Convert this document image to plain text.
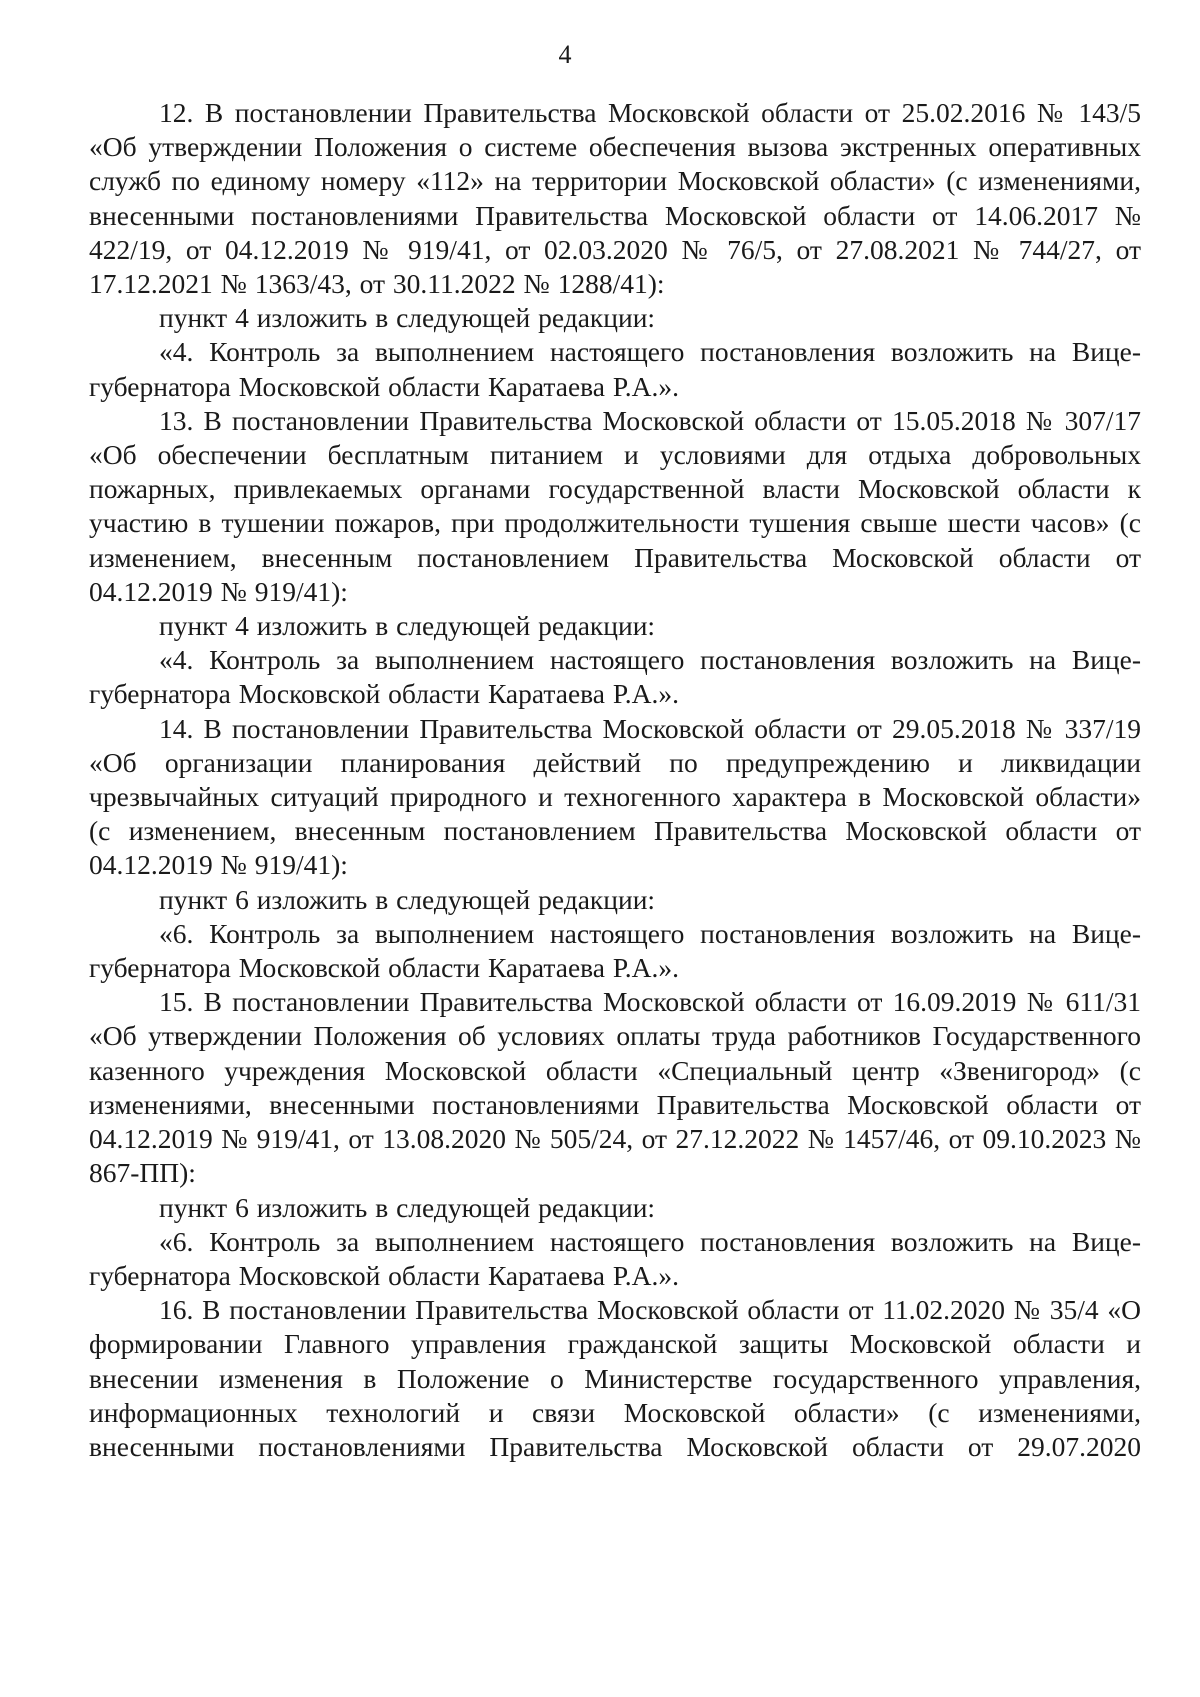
4

12. В постановлении Правительства Московской области от 25.02.2016 № 143/5 «Об утверждении Положения о системе обеспечения вызова экстренных оперативных служб по единому номеру «112» на территории Московской области» (с изменениями, внесенными постановлениями Правительства Московской области от 14.06.2017 № 422/19, от 04.12.2019 № 919/41, от 02.03.2020 № 76/5, от 27.08.2021 № 744/27, от 17.12.2021 № 1363/43, от 30.11.2022 № 1288/41):

пункт 4 изложить в следующей редакции:

«4. Контроль за выполнением настоящего постановления возложить на Вице-губернатора Московской области Каратаева Р.А.».

13. В постановлении Правительства Московской области от 15.05.2018 № 307/17 «Об обеспечении бесплатным питанием и условиями для отдыха добровольных пожарных, привлекаемых органами государственной власти Московской области к участию в тушении пожаров, при продолжительности тушения свыше шести часов» (с изменением, внесенным постановлением Правительства Московской области от 04.12.2019 № 919/41):

пункт 4 изложить в следующей редакции:

«4. Контроль за выполнением настоящего постановления возложить на Вице-губернатора Московской области Каратаева Р.А.».

14. В постановлении Правительства Московской области от 29.05.2018 № 337/19 «Об организации планирования действий по предупреждению и ликвидации чрезвычайных ситуаций природного и техногенного характера в Московской области» (с изменением, внесенным постановлением Правительства Московской области от 04.12.2019 № 919/41):

пункт 6 изложить в следующей редакции:

«6. Контроль за выполнением настоящего постановления возложить на Вице-губернатора Московской области Каратаева Р.А.».

15. В постановлении Правительства Московской области от 16.09.2019 № 611/31 «Об утверждении Положения об условиях оплаты труда работников Государственного казенного учреждения Московской области «Специальный центр «Звенигород» (с изменениями, внесенными постановлениями Правительства Московской области от 04.12.2019 № 919/41, от 13.08.2020 № 505/24, от 27.12.2022 № 1457/46, от 09.10.2023 № 867-ПП):

пункт 6 изложить в следующей редакции:

«6. Контроль за выполнением настоящего постановления возложить на Вице-губернатора Московской области Каратаева Р.А.».

16. В постановлении Правительства Московской области от 11.02.2020 № 35/4 «О формировании Главного управления гражданской защиты Московской области и внесении изменения в Положение о Министерстве государственного управления, информационных технологий и связи Московской области» (с изменениями, внесенными постановлениями Правительства Московской области от 29.07.2020
